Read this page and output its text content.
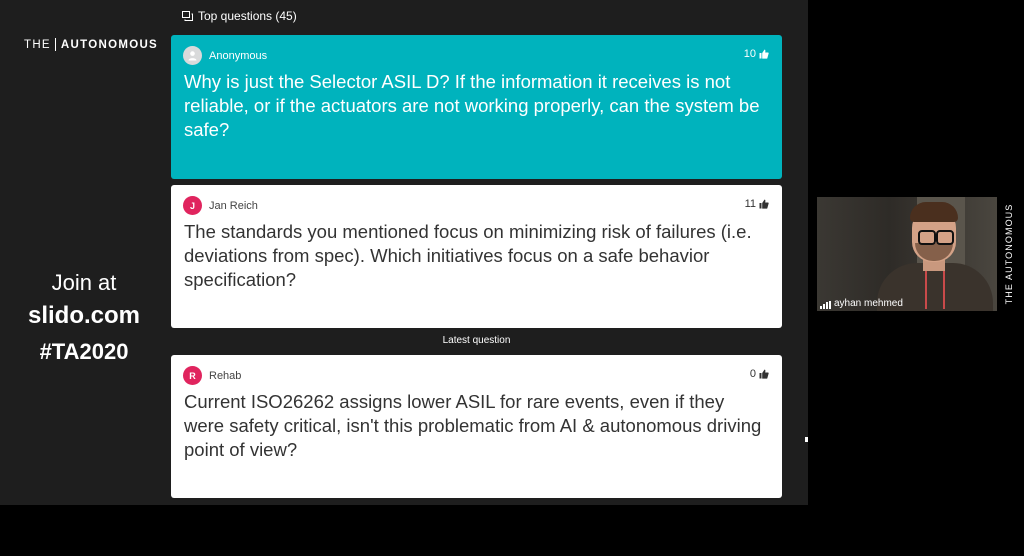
THE AUTONOMOUS
Join at
slido.com
#TA2020
Top questions (45)
Anonymous	10
Why is just the Selector ASIL D? If the information it receives is not reliable, or if the actuators are not working properly, can the system be safe?
J	Jan Reich	11
The standards you mentioned focus on minimizing risk of failures (i.e. deviations from spec). Which initiatives focus on a safe behavior specification?
Latest question
R	Rehab	0
Current ISO26262 assigns lower ASIL for rare events, even if they were safety critical, isn't this problematic from AI & autonomous driving point of view?
THE AUTONOMOUS
ayhan mehmed
